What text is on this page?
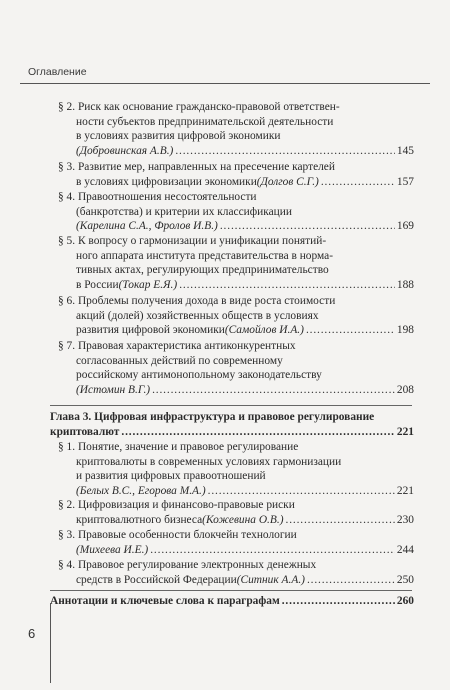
Оглавление
§ 2. Риск как основание гражданско-правовой ответствен-
ности субъектов предпринимательской деятельности
в условиях развития цифровой экономики
(Добровинская А.В.) . . .	145
§ 3. Развитие мер, направленных на пресечение картелей
в условиях цифровизации экономики (Долгов С.Г.) . . .	157
§ 4. Правоотношения несостоятельности
(банкротства) и критерии их классификации
(Карелина С.А., Фролов И.В.) . . .	169
§ 5. К вопросу о гармонизации и унификации понятий-
ного аппарата института представительства в норма-
тивных актах, регулирующих предпринимательство
в России (Токар Е.Я.) . . .	188
§ 6. Проблемы получения дохода в виде роста стоимости
акций (долей) хозяйственных обществ в условиях
развития цифровой экономики (Самойлов И.А.) . . .	198
§ 7. Правовая характеристика антиконкурентных
согласованных действий по современному
российскому антимонопольному законодательству
(Истомин В.Г.) . . .	208
Глава 3. Цифровая инфраструктура и правовое регулирование
криптовалют . . .	221
§ 1. Понятие, значение и правовое регулирование
криптовалюты в современных условиях гармонизации
и развития цифровых правоотношений
(Белых В.С., Егорова М.А.) . . .	221
§ 2. Цифровизация и финансово-правовые риски
криптовалютного бизнеса (Кожевина О.В.) . . .	230
§ 3. Правовые особенности блокчейн технологии
(Михеева И.Е.) . . .	244
§ 4. Правовое регулирование электронных денежных
средств в Российской Федерации (Ситник А.А.) . . .	250
Аннотации и ключевые слова к параграфам . . .	260
6
